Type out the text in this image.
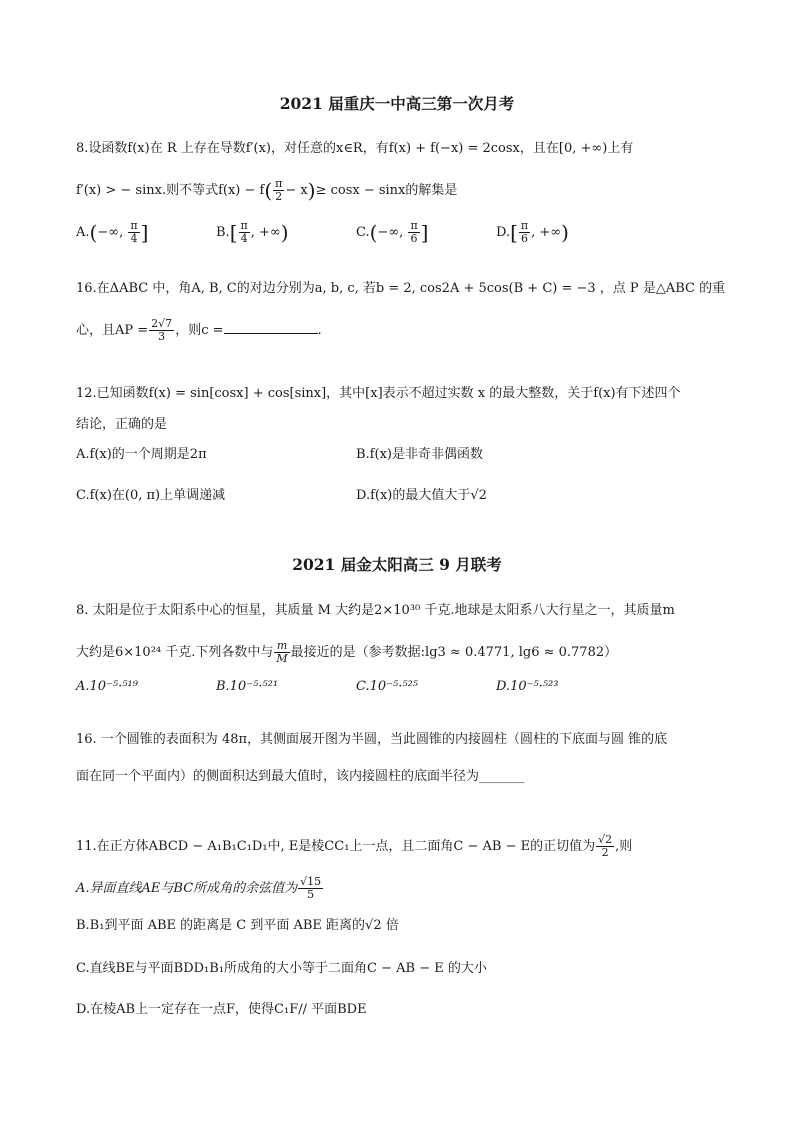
2021 届重庆一中高三第一次月考
8.设函数f(x)在 R 上存在导数f′(x)，对任意的x∈R，有f(x) + f(−x) = 2cosx，且在[0, +∞)上有
f′(x) > − sinx.则不等式$f(x) - f( \frac{\pi}{2} - x)\ge \cos x - \sin x$的解集是
A.(−∞, $\frac{\pi}{4}$ ]	$B.[ \frac{\pi}{4}$ , +∞)	C.(−∞, $\frac{\pi}{6}$ ]	$D.[ \frac{\pi}{6}$ , +∞)
16.在ΔABC 中，角A, B, C的对边分别为a, b, c, 若b = 2, cos2A + 5cos(B + C) = −3 ，点 P 是△ABC 的重
心，且AP = $\frac{2√7}{3}$ ，则c =	.
12.已知函数f(x) = sin[cosx] + cos[sinx]，其中[x]表示不超过实数 x 的最大整数，关于f(x)有下述四个
结论，正确的是
A.f(x)的一个周期是2π	B.f(x)是非奇非偶函数
C.f(x)在(0, π)上单调递减	D.f(x)的最大值大于√2
2021 届金太阳高三 9 月联考
8. 太阳是位于太阳系中心的恒星，其质量 M 大约是2×10³⁰ 千克.地球是太阳系八大行星之一，其质量m
大约是6×10²⁴ 千克.下列各数中与 $\frac{m}{M}$ 最接近的是（参考数据:lg3 ≈ 0.4771, lg6 ≈ 0.7782）
A.10⁻⁵·⁵¹⁹	B.10⁻⁵·⁵²¹	C.10⁻⁵·⁵²⁵	D.10⁻⁵·⁵²³
16. 一个圆锥的表面积为 48π，其侧面展开图为半圆，当此圆锥的内接圆柱（圆柱的下底面与圆 锥的底
面在同一个平面内）的侧面积达到最大值时，该内接圆柱的底面半径为_______
11.在正方体ABCD − A₁B₁C₁D₁中, E是棱CC₁上一点，且二面角C − AB − E的正切值为 $\frac{√2}{2}$ ,则
A.异面直线AE与BC所成角的余弦值为 $\frac{√15}{5}$
B.B₁到平面 ABE 的距离是 C 到平面 ABE 距离的√2 倍
C.直线BE与平面BDD₁B₁所成角的大小等于二面角C − AB − E 的大小
D.在棱AB上一定存在一点F，使得C₁F// 平面BDE
